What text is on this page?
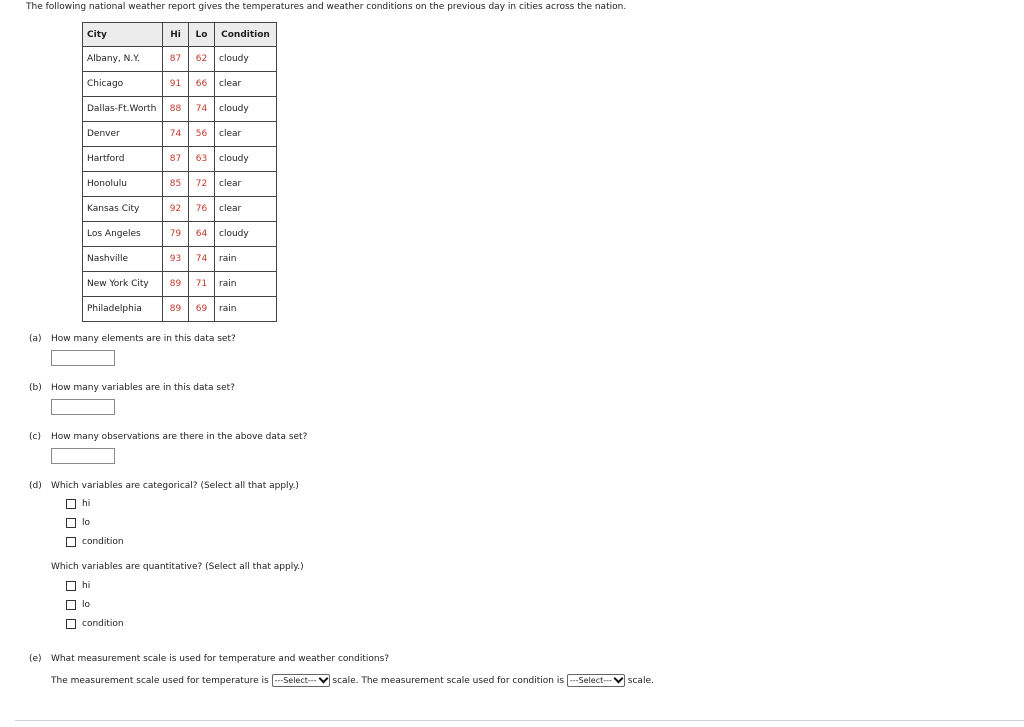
The following national weather report gives the temperatures and weather conditions on the previous day in cities across the nation.
City	Hi	Lo	Condition
Albany, N.Y.	87	62	cloudy
Chicago	91	66	clear
Dallas-Ft.Worth	88	74	cloudy
Denver	74	56	clear
Hartford	87	63	cloudy
Honolulu	85	72	clear
Kansas City	92	76	clear
Los Angeles	79	64	cloudy
Nashville	93	74	rain
New York City	89	71	rain
Philadelphia	89	69	rain
(a) How many elements are in this data set?
(b) How many variables are in this data set?
(c) How many observations are there in the above data set?
(d) Which variables are categorical? (Select all that apply.)
hi
lo
condition
Which variables are quantitative? (Select all that apply.)
hi
lo
condition
(e) What measurement scale is used for temperature and weather conditions?
The measurement scale used for temperature is ---Select--- scale. The measurement scale used for condition is ---Select--- scale.
